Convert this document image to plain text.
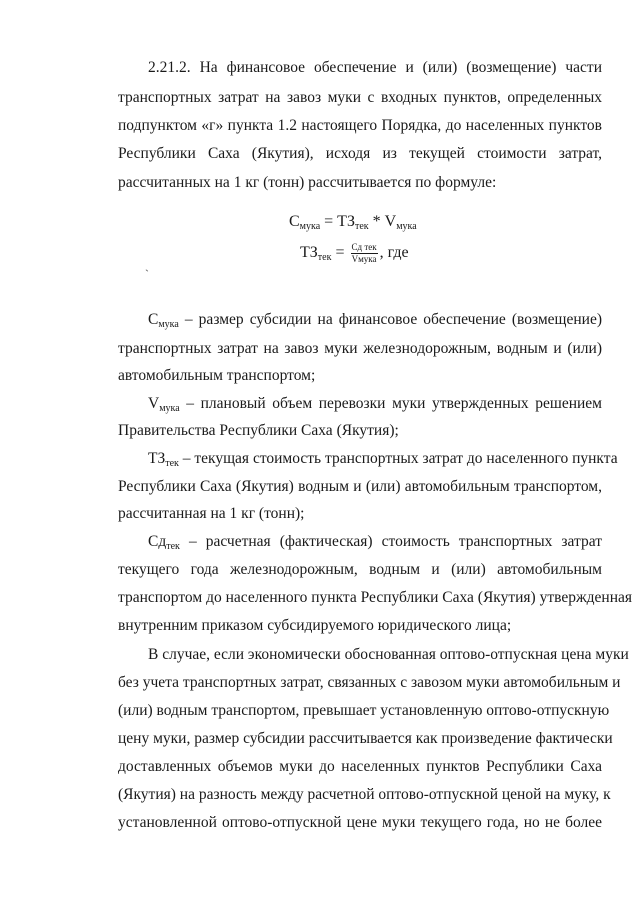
2.21.2. На финансовое обеспечение и (или) (возмещение) части
транспортных затрат на завоз муки с входных пунктов, определенных
подпунктом «г» пункта 1.2 настоящего Порядка, до населенных пунктов
Республики Саха (Якутия), исходя из текущей стоимости затрат,
рассчитанных на 1 кг (тонн) рассчитывается по формуле:
$С_{мука} = ТЗ_{тек} * V_{мука}$
$ТЗ_{тек} = \frac{\text{Сд тек}}{\text{Vмука}}$ , где
ˏ
$С_{мука}$ – размер субсидии на финансовое обеспечение (возмещение)
транспортных затрат на завоз муки железнодорожным, водным и (или)
автомобильным транспортом;
$V_{мука}$ – плановый объем перевозки муки утвержденных решением
Правительства Республики Саха (Якутия);
$ТЗ_{тек}$ – текущая стоимость транспортных затрат до населенного пункта
Республики Саха (Якутия) водным и (или) автомобильным транспортом,
рассчитанная на 1 кг (тонн);
$Сд_{тек}$ – расчетная (фактическая) стоимость транспортных затрат
текущего года железнодорожным, водным и (или) автомобильным
транспортом до населенного пункта Республики Саха (Якутия) утвержденная
внутренним приказом субсидируемого юридического лица;
В случае, если экономически обоснованная оптово-отпускная цена муки
без учета транспортных затрат, связанных с завозом муки автомобильным и
(или) водным транспортом, превышает установленную оптово-отпускную
цену муки, размер субсидии рассчитывается как произведение фактически
доставленных объемов муки до населенных пунктов Республики Саха
(Якутия) на разность между расчетной оптово-отпускной ценой на муку, к
установленной оптово-отпускной цене муки текущего года, но не более
